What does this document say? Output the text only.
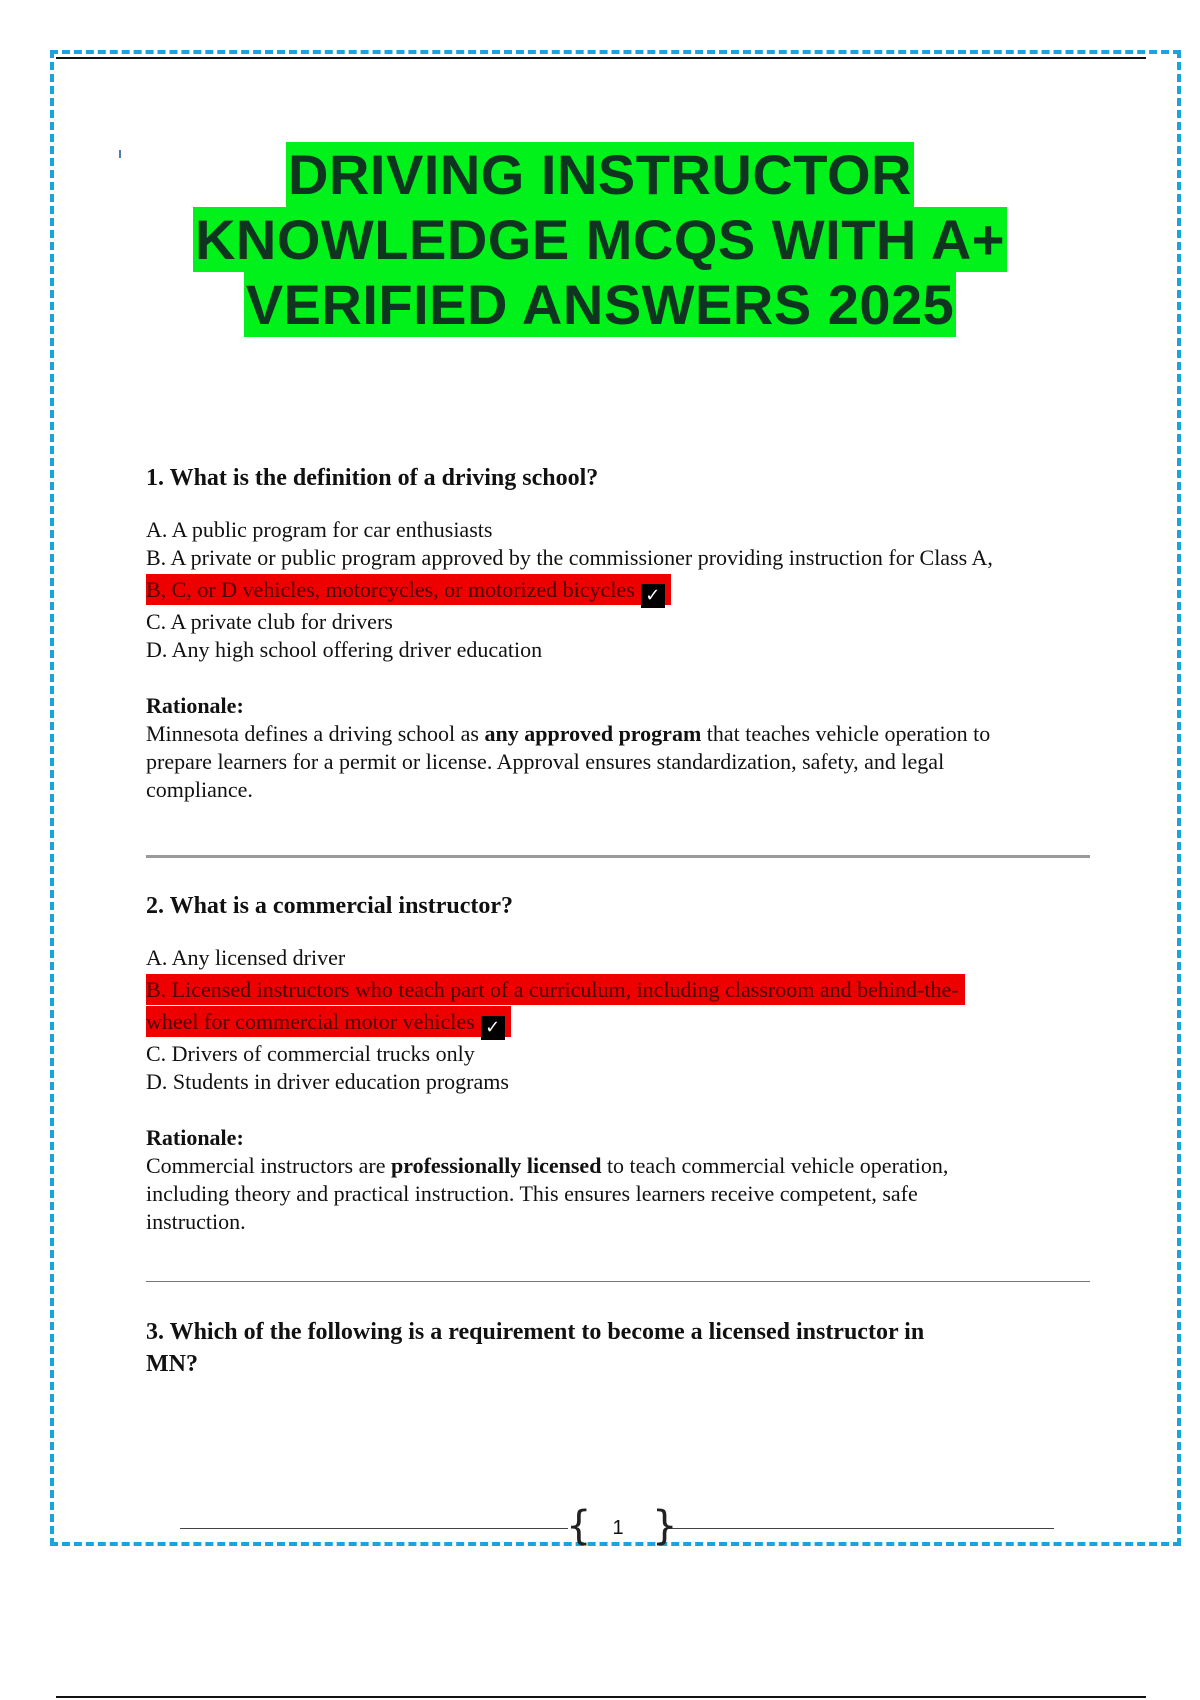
DRIVING INSTRUCTOR
KNOWLEDGE MCQS WITH A+
VERIFIED ANSWERS 2025

1. What is the definition of a driving school?

A. A public program for car enthusiasts

B. A private or public program approved by the commissioner providing instruction for Class A,

B, C, or D vehicles, motorcycles, or motorized bicycles ✓

C. A private club for drivers

D. Any high school offering driver education

Rationale:

Minnesota defines a driving school as any approved program that teaches vehicle operation to
prepare learners for a permit or license. Approval ensures standardization, safety, and legal
compliance.

2. What is a commercial instructor?

A. Any licensed driver

B. Licensed instructors who teach part of a curriculum, including classroom and behind-the-

wheel for commercial motor vehicles ✓

C. Drivers of commercial trucks only

D. Students in driver education programs

Rationale:

Commercial instructors are professionally licensed to teach commercial vehicle operation,
including theory and practical instruction. This ensures learners receive competent, safe
instruction.

3. Which of the following is a requirement to become a licensed instructor in
MN?

{ }
1
